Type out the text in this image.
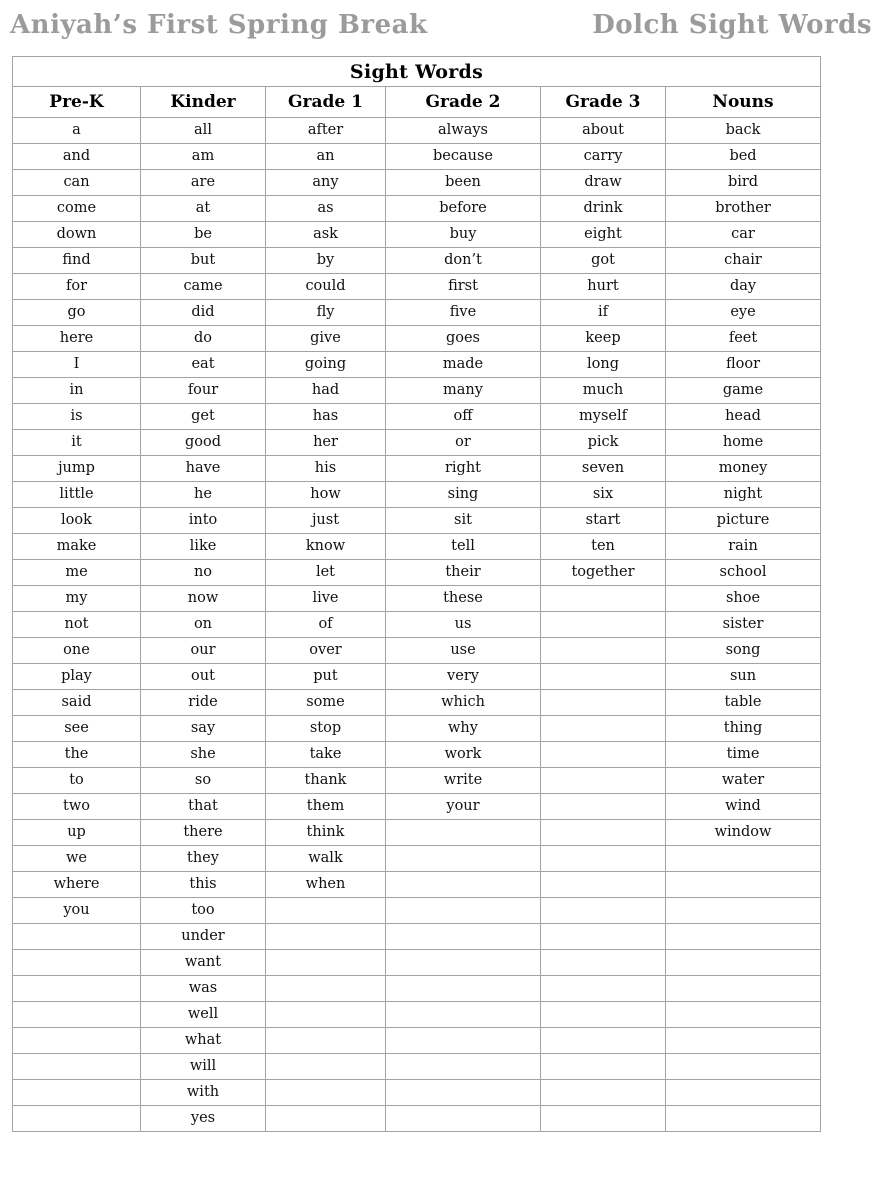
Aniyah’s First Spring Break	Dolch Sight Words
Sight Words					
Pre-K	Kinder	Grade 1	Grade 2	Grade 3	Nouns
a	all	after	always	about	back
and	am	an	because	carry	bed
can	are	any	been	draw	bird
come	at	as	before	drink	brother
down	be	ask	buy	eight	car
find	but	by	don’t	got	chair
for	came	could	first	hurt	day
go	did	fly	five	if	eye
here	do	give	goes	keep	feet
I	eat	going	made	long	floor
in	four	had	many	much	game
is	get	has	off	myself	head
it	good	her	or	pick	home
jump	have	his	right	seven	money
little	he	how	sing	six	night
look	into	just	sit	start	picture
make	like	know	tell	ten	rain
me	no	let	their	together	school
my	now	live	these		shoe
not	on	of	us		sister
one	our	over	use		song
play	out	put	very		sun
said	ride	some	which		table
see	say	stop	why		thing
the	she	take	work		time
to	so	thank	write		water
two	that	them	your		wind
up	there	think			window
we	they	walk			
where	this	when			
you	too				
	under				
	want				
	was				
	well				
	what				
	will				
	with				
	yes				
